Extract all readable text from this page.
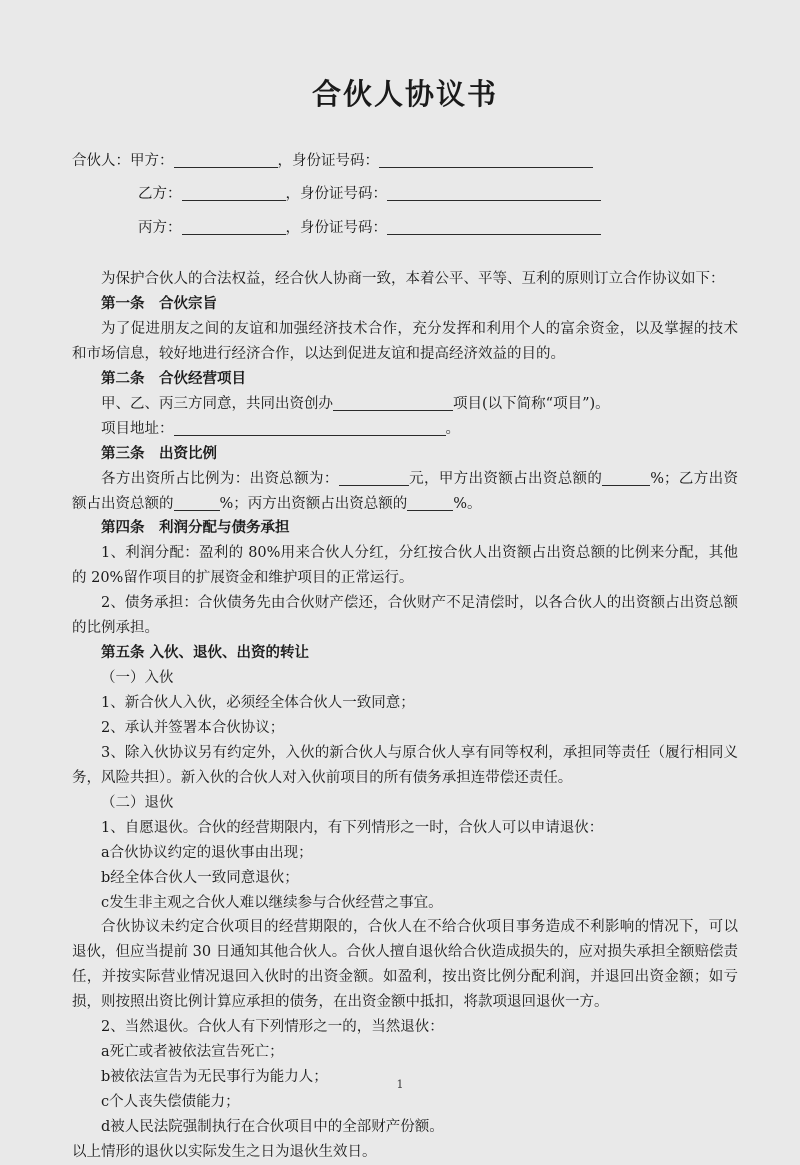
合伙人协议书
合伙人：甲方：	，身份证号码：
乙方：	，身份证号码：
丙方：	，身份证号码：

为保护合伙人的合法权益，经合伙人协商一致，本着公平、平等、互利的原则订立合作协议如下：

第一条 合伙宗旨

为了促进朋友之间的友谊和加强经济技术合作，充分发挥和利用个人的富余资金，以及掌握的技术和市场信息，较好地进行经济合作，以达到促进友谊和提高经济效益的目的。

第二条 合伙经营项目

甲、乙、丙三方同意，共同出资创办	项目(以下简称“项目”)。

项目地址：	。

第三条 出资比例

各方出资所占比例为：出资总额为：	元，甲方出资额占出资总额的	%；乙方出资额占出资总额的	%；丙方出资额占出资总额的	%。

第四条 利润分配与债务承担

1、利润分配：盈利的 80%用来合伙人分红，分红按合伙人出资额占出资总额的比例来分配，其他的 20%留作项目的扩展资金和维护项目的正常运行。

2、债务承担：合伙债务先由合伙财产偿还，合伙财产不足清偿时，以各合伙人的出资额占出资总额的比例承担。

第五条 入伙、退伙、出资的转让

（一）入伙

1、新合伙人入伙，必须经全体合伙人一致同意；

2、承认并签署本合伙协议；

3、除入伙协议另有约定外，入伙的新合伙人与原合伙人享有同等权利，承担同等责任（履行相同义务，风险共担）。新入伙的合伙人对入伙前项目的所有债务承担连带偿还责任。

（二）退伙

1、自愿退伙。合伙的经营期限内，有下列情形之一时，合伙人可以申请退伙：

a合伙协议约定的退伙事由出现；

b经全体合伙人一致同意退伙；

c发生非主观之合伙人难以继续参与合伙经营之事宜。

合伙协议未约定合伙项目的经营期限的，合伙人在不给合伙项目事务造成不利影响的情况下，可以退伙，但应当提前 30 日通知其他合伙人。合伙人擅自退伙给合伙造成损失的，应对损失承担全额赔偿责任，并按实际营业情况退回入伙时的出资金额。如盈利，按出资比例分配利润，并退回出资金额；如亏损，则按照出资比例计算应承担的债务，在出资金额中抵扣，将款项退回退伙一方。

2、当然退伙。合伙人有下列情形之一的，当然退伙：

a死亡或者被依法宣告死亡；

b被依法宣告为无民事行为能力人；

c个人丧失偿债能力；

d被人民法院强制执行在合伙项目中的全部财产份额。

以上情形的退伙以实际发生之日为退伙生效日。

1
